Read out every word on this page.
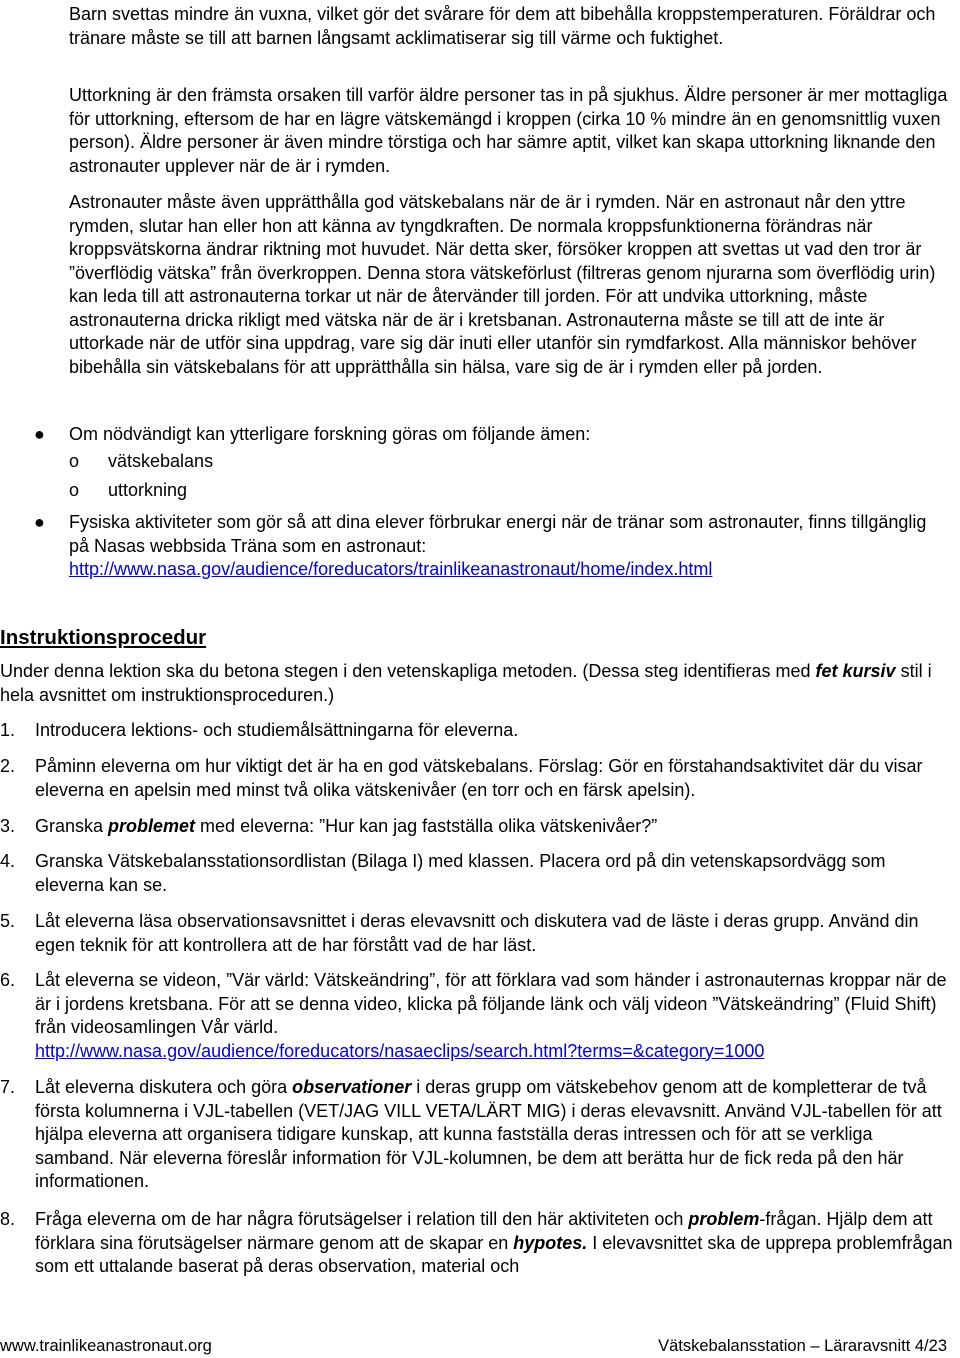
Barn svettas mindre än vuxna, vilket gör det svårare för dem att bibehålla kroppstemperaturen. Föräldrar och tränare måste se till att barnen långsamt acklimatiserar sig till värme och fuktighet.

Uttorkning är den främsta orsaken till varför äldre personer tas in på sjukhus. Äldre personer är mer mottagliga för uttorkning, eftersom de har en lägre vätskemängd i kroppen (cirka 10 % mindre än en genomsnittlig vuxen person). Äldre personer är även mindre törstiga och har sämre aptit, vilket kan skapa uttorkning liknande den astronauter upplever när de är i rymden.

Astronauter måste även upprätthålla god vätskebalans när de är i rymden. När en astronaut når den yttre rymden, slutar han eller hon att känna av tyngdkraften. De normala kroppsfunktionerna förändras när kroppsvätskorna ändrar riktning mot huvudet. När detta sker, försöker kroppen att svettas ut vad den tror är ”överflödig vätska” från överkroppen. Denna stora vätskeförlust (filtreras genom njurarna som överflödig urin) kan leda till att astronauterna torkar ut när de återvänder till jorden. För att undvika uttorkning, måste astronauterna dricka rikligt med vätska när de är i kretsbanan. Astronauterna måste se till att de inte är uttorkade när de utför sina uppdrag, vare sig där inuti eller utanför sin rymdfarkost. Alla människor behöver bibehålla sin vätskebalans för att upprätthålla sin hälsa, vare sig de är i rymden eller på jorden.

● Om nödvändigt kan ytterligare forskning göras om följande ämen:

o vätskebalans
o uttorkning
● Fysiska aktiviteter som gör så att dina elever förbrukar energi när de tränar som astronauter, finns tillgänglig på Nasas webbsida Träna som en astronaut:
http://www.nasa.gov/audience/foreducators/trainlikeanastronaut/home/index.html
Instruktionsprocedur

Under denna lektion ska du betona stegen i den vetenskapliga metoden. (Dessa steg identifieras med fet kursiv stil i hela avsnittet om instruktionsproceduren.)

1. Introducera lektions- och studiemålsättningarna för eleverna.

2. Påminn eleverna om hur viktigt det är ha en god vätskebalans. Förslag: Gör en förstahandsaktivitet där du visar eleverna en apelsin med minst två olika vätskenivåer (en torr och en färsk apelsin).

3. Granska problemet med eleverna: ”Hur kan jag fastställa olika vätskenivåer?”

4. Granska Vätskebalansstationsordlistan (Bilaga I) med klassen. Placera ord på din vetenskapsordvägg som eleverna kan se.

5. Låt eleverna läsa observationsavsnittet i deras elevavsnitt och diskutera vad de läste i deras grupp. Använd din egen teknik för att kontrollera att de har förstått vad de har läst.

6. Låt eleverna se videon, ”Vär värld: Vätskeändring”, för att förklara vad som händer i astronauternas kroppar när de är i jordens kretsbana. För att se denna video, klicka på följande länk och välj videon ”Vätskeändring” (Fluid Shift) från videosamlingen Vår värld.
http://www.nasa.gov/audience/foreducators/nasaeclips/search.html?terms=&category=1000
7. Låt eleverna diskutera och göra observationer i deras grupp om vätskebehov genom att de kompletterar de två första kolumnerna i VJL-tabellen (VET/JAG VILL VETA/LÄRT MIG) i deras elevavsnitt. Använd VJL-tabellen för att hjälpa eleverna att organisera tidigare kunskap, att kunna fastställa deras intressen och för att se verkliga samband. När eleverna föreslår information för VJL-kolumnen, be dem att berätta hur de fick reda på den här informationen.

8. Fråga eleverna om de har några förutsägelser i relation till den här aktiviteten och problem-frågan. Hjälp dem att förklara sina förutsägelser närmare genom att de skapar en hypotes. I elevavsnittet ska de upprepa problemfrågan som ett uttalande baserat på deras observation, material och

www.trainlikeanastronaut.org	Vätskebalansstation – Läraravsnitt 4/23
